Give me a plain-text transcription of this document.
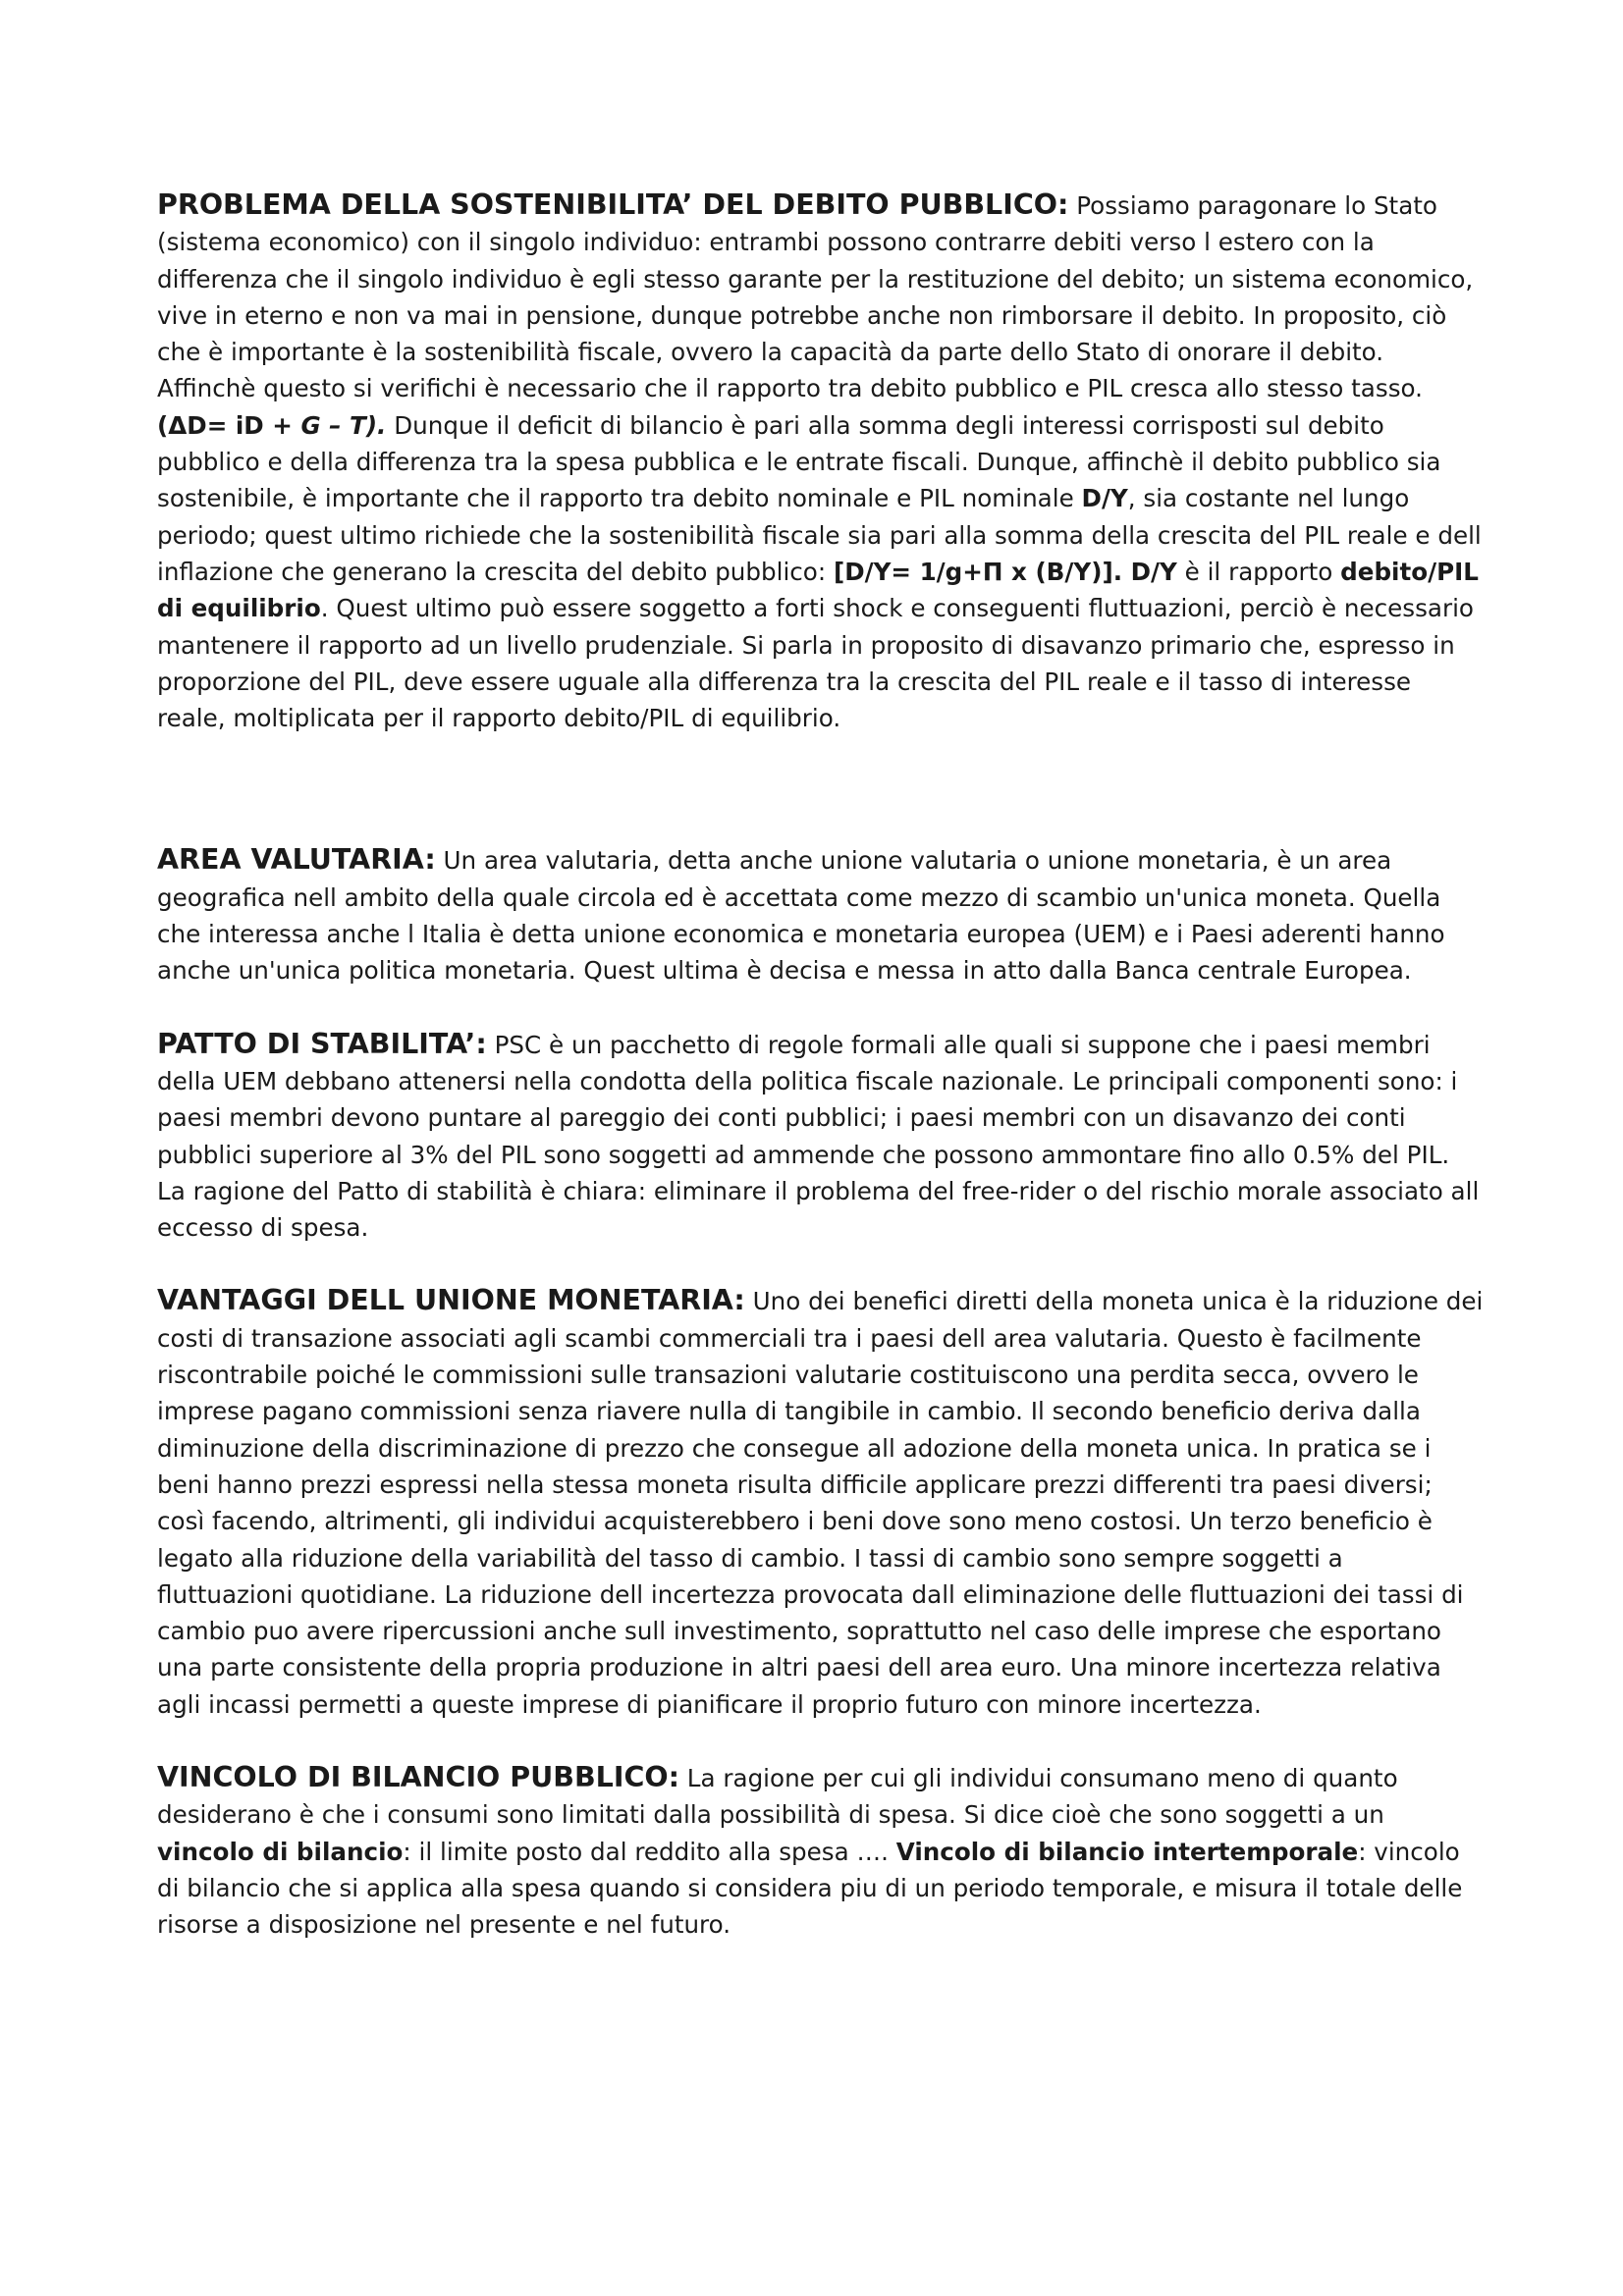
PROBLEMA DELLA SOSTENIBILITA’ DEL DEBITO PUBBLICO: Possiamo paragonare lo Stato (sistema economico) con il singolo individuo: entrambi possono contrarre debiti verso l estero con la differenza che il singolo individuo è egli stesso garante per la restituzione del debito; un sistema economico, vive in eterno e non va mai in pensione, dunque potrebbe anche non rimborsare il debito. In proposito, ciò che è importante è la sostenibilità fiscale, ovvero la capacità da parte dello Stato di onorare il debito. Affinchè questo si verifichi è necessario che il rapporto tra debito pubblico e PIL cresca allo stesso tasso. (ΔD= iD + G – T). Dunque il deficit di bilancio è pari alla somma degli interessi corrisposti sul debito pubblico e della differenza tra la spesa pubblica e le entrate fiscali. Dunque, affinchè il debito pubblico sia sostenibile, è importante che il rapporto tra debito nominale e PIL nominale D/Y, sia costante nel lungo periodo; quest ultimo richiede che la sostenibilità fiscale sia pari alla somma della crescita del PIL reale e dell inflazione che generano la crescita del debito pubblico: [D/Y= 1/g+Π x (B/Y)]. D/Y è il rapporto debito/PIL di equilibrio. Quest ultimo può essere soggetto a forti shock e conseguenti fluttuazioni, perciò è necessario mantenere il rapporto ad un livello prudenziale. Si parla in proposito di disavanzo primario che, espresso in proporzione del PIL, deve essere uguale alla differenza tra la crescita del PIL reale e il tasso di interesse reale, moltiplicata per il rapporto debito/PIL di equilibrio.

AREA VALUTARIA: Un area valutaria, detta anche unione valutaria o unione monetaria, è un area geografica nell ambito della quale circola ed è accettata come mezzo di scambio un'unica moneta. Quella che interessa anche l Italia è detta unione economica e monetaria europea (UEM) e i Paesi aderenti hanno anche un'unica politica monetaria. Quest ultima è decisa e messa in atto dalla Banca centrale Europea.

PATTO DI STABILITA’: PSC è un pacchetto di regole formali alle quali si suppone che i paesi membri della UEM debbano attenersi nella condotta della politica fiscale nazionale. Le principali componenti sono: i paesi membri devono puntare al pareggio dei conti pubblici; i paesi membri con un disavanzo dei conti pubblici superiore al 3% del PIL sono soggetti ad ammende che possono ammontare fino allo 0.5% del PIL. La ragione del Patto di stabilità è chiara: eliminare il problema del free-rider o del rischio morale associato all eccesso di spesa.

VANTAGGI DELL UNIONE MONETARIA: Uno dei benefici diretti della moneta unica è la riduzione dei costi di transazione associati agli scambi commerciali tra i paesi dell area valutaria. Questo è facilmente riscontrabile poiché le commissioni sulle transazioni valutarie costituiscono una perdita secca, ovvero le imprese pagano commissioni senza riavere nulla di tangibile in cambio. Il secondo beneficio deriva dalla diminuzione della discriminazione di prezzo che consegue all adozione della moneta unica. In pratica se i beni hanno prezzi espressi nella stessa moneta risulta difficile applicare prezzi differenti tra paesi diversi; così facendo, altrimenti, gli individui acquisterebbero i beni dove sono meno costosi. Un terzo beneficio è legato alla riduzione della variabilità del tasso di cambio. I tassi di cambio sono sempre soggetti a fluttuazioni quotidiane. La riduzione dell incertezza provocata dall eliminazione delle fluttuazioni dei tassi di cambio puo avere ripercussioni anche sull investimento, soprattutto nel caso delle imprese che esportano una parte consistente della propria produzione in altri paesi dell area euro. Una minore incertezza relativa agli incassi permetti a queste imprese di pianificare il proprio futuro con minore incertezza.

VINCOLO DI BILANCIO PUBBLICO: La ragione per cui gli individui consumano meno di quanto desiderano è che i consumi sono limitati dalla possibilità di spesa. Si dice cioè che sono soggetti a un vincolo di bilancio: il limite posto dal reddito alla spesa …. Vincolo di bilancio intertemporale: vincolo di bilancio che si applica alla spesa quando si considera piu di un periodo temporale, e misura il totale delle risorse a disposizione nel presente e nel futuro.
